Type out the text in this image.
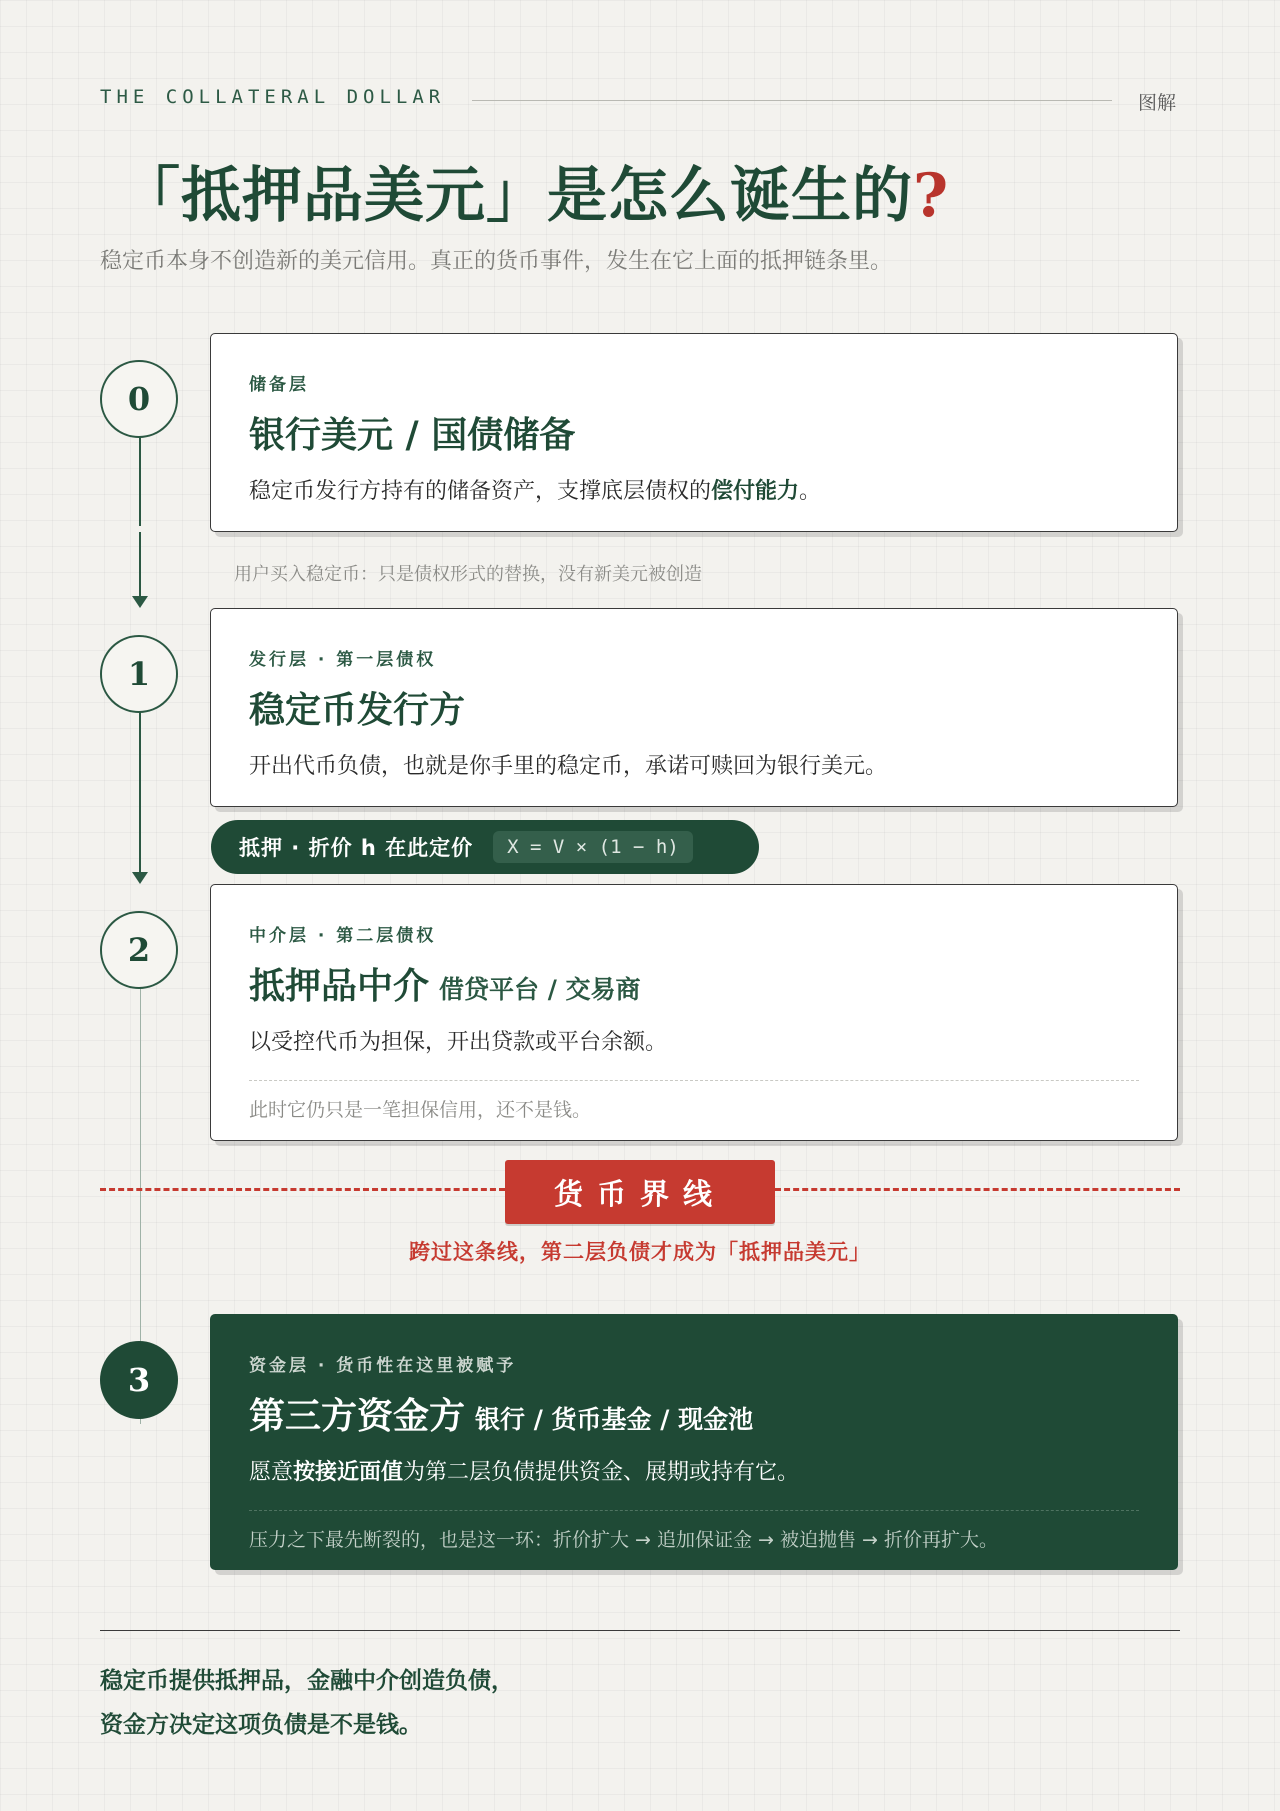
THE COLLATERAL DOLLAR	图解
「抵押品美元」是怎么诞生的?
稳定币本身不创造新的美元信用。真正的货币事件，发生在它上面的抵押链条里。
0
1
2
3
储备层
银行美元 / 国债储备
稳定币发行方持有的储备资产，支撑底层债权的偿付能力。
用户买入稳定币：只是债权形式的替换，没有新美元被创造
发行层 · 第一层债权
稳定币发行方
开出代币负债，也就是你手里的稳定币，承诺可赎回为银行美元。
抵押 · 折价 h 在此定价	X = V × (1 − h)
中介层 · 第二层债权
抵押品中介 借贷平台 / 交易商
以受控代币为担保，开出贷款或平台余额。
此时它仍只是一笔担保信用，还不是钱。
货币界线
跨过这条线，第二层负债才成为「抵押品美元」
资金层 · 货币性在这里被赋予
第三方资金方 银行 / 货币基金 / 现金池
愿意按接近面值为第二层负债提供资金、展期或持有它。
压力之下最先断裂的，也是这一环：折价扩大 → 追加保证金 → 被迫抛售 → 折价再扩大。
稳定币提供抵押品，金融中介创造负债，
资金方决定这项负债是不是钱。
